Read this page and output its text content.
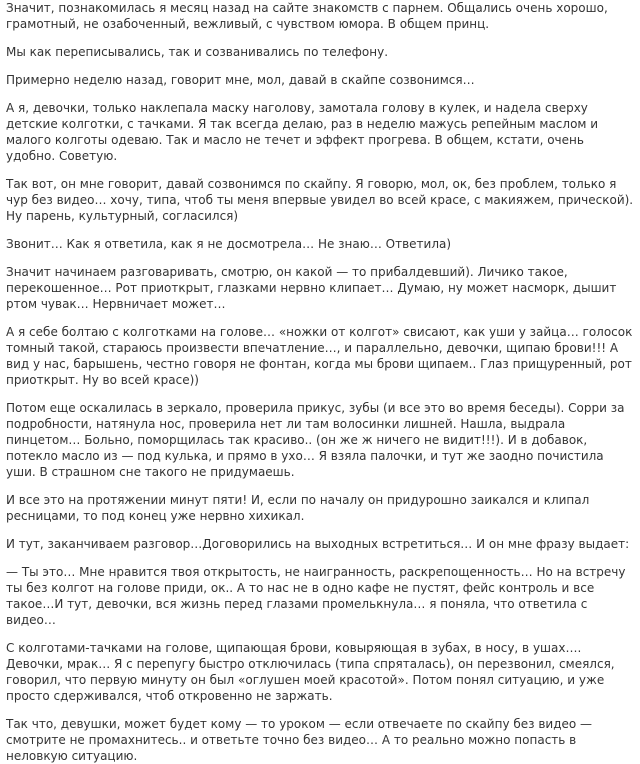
Значит, познакомилась я месяц назад на сайте знакомств с парнем. Общались очень хорошо, грамотный, не озабоченный, вежливый, с чувством юмора. В общем принц.

Мы как переписывались, так и созванивались по телефону.

Примерно неделю назад, говорит мне, мол, давай в скайпе созвонимся…

А я, девочки, только наклепала маску наголову, замотала голову в кулек, и надела сверху детские колготки, с тачками. Я так всегда делаю, раз в неделю мажусь репейным маслом и малого колготы одеваю. Так и масло не течет и эффект прогрева. В общем, кстати, очень удобно. Советую.

Так вот, он мне говорит, давай созвонимся по скайпу. Я говорю, мол, ок, без проблем, только я чур без видео… хочу, типа, чтоб ты меня впервые увидел во всей красе, с макияжем, прической). Ну парень, культурный, согласился)

Звонит… Как я ответила, как я не досмотрела… Не знаю… Ответила)

Значит начинаем разговаривать, смотрю, он какой — то прибалдевший). Личико такое, перекошенное… Рот приоткрыт, глазками нервно клипает… Думаю, ну может насморк, дышит ртом чувак… Нервничает может…

А я себе болтаю с колготками на голове… «ножки от колгот» свисают, как уши у зайца… голосок томный такой, стараюсь произвести впечатление…, и параллельно, девочки, щипаю брови!!! А вид у нас, барышень, честно говоря не фонтан, когда мы брови щипаем.. Глаз прищуренный, рот приоткрыт. Ну во всей красе))

Потом еще оскалилась в зеркало, проверила прикус, зубы (и все это во время беседы). Сорри за подробности, натянула нос, проверила нет ли там волосинки лишней. Нашла, выдрала пинцетом… Больно, поморщилась так красиво.. (он же ж ничего не видит!!!). И в добавок, потекло масло из — под кулька, и прямо в ухо… Я взяла палочки, и тут же заодно почистила уши. В страшном сне такого не придумаешь.

И все это на протяжении минут пяти! И, если по началу он придурошно заикался и клипал ресницами, то под конец уже нервно хихикал.

И тут, заканчиваем разговор…Договорились на выходных встретиться… И он мне фразу выдает:

— Ты это… Мне нравится твоя открытость, не наигранность, раскрепощенность… Но на встречу ты без колгот на голове приди, ок.. А то нас не в одно кафе не пустят, фейс контроль и все такое…И тут, девочки, вся жизнь перед глазами промелькнула… я поняла, что ответила с видео…

С колготами-тачками на голове, щипающая брови, ковыряющая в зубах, в носу, в ушах…. Девочки, мрак… Я с перепугу быстро отключилась (типа спряталась), он перезвонил, смеялся, говорил, что первую минуту он был «оглушен моей красотой». Потом понял ситуацию, и уже просто сдерживался, чтоб откровенно не заржать.

Так что, девушки, может будет кому — то уроком — если отвечаете по скайпу без видео — смотрите не промахнитесь.. и ответьте точно без видео… А то реально можно попасть в неловкую ситуацию.
